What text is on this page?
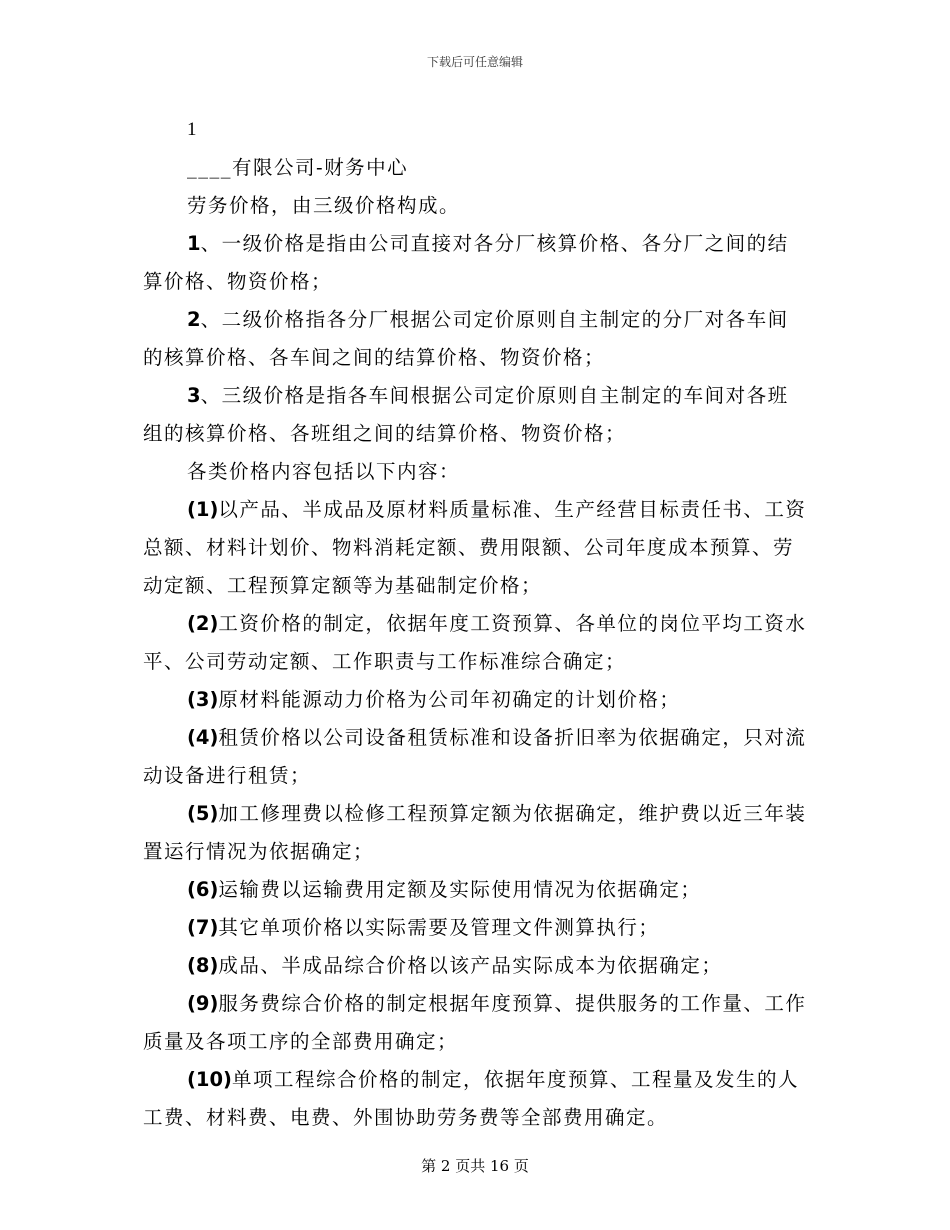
下载后可任意编辑

1

____有限公司-财务中心

劳务价格，由三级价格构成。

1、一级价格是指由公司直接对各分厂核算价格、各分厂之间的结算价格、物资价格；

2、二级价格指各分厂根据公司定价原则自主制定的分厂对各车间的核算价格、各车间之间的结算价格、物资价格；

3、三级价格是指各车间根据公司定价原则自主制定的车间对各班组的核算价格、各班组之间的结算价格、物资价格；

各类价格内容包括以下内容：

(1)以产品、半成品及原材料质量标准、生产经营目标责任书、工资总额、材料计划价、物料消耗定额、费用限额、公司年度成本预算、劳动定额、工程预算定额等为基础制定价格；

(2)工资价格的制定，依据年度工资预算、各单位的岗位平均工资水平、公司劳动定额、工作职责与工作标准综合确定；

(3)原材料能源动力价格为公司年初确定的计划价格；

(4)租赁价格以公司设备租赁标准和设备折旧率为依据确定，只对流动设备进行租赁；

(5)加工修理费以检修工程预算定额为依据确定，维护费以近三年装置运行情况为依据确定；

(6)运输费以运输费用定额及实际使用情况为依据确定；

(7)其它单项价格以实际需要及管理文件测算执行；

(8)成品、半成品综合价格以该产品实际成本为依据确定；

(9)服务费综合价格的制定根据年度预算、提供服务的工作量、工作质量及各项工序的全部费用确定；

(10)单项工程综合价格的制定，依据年度预算、工程量及发生的人工费、材料费、电费、外围协助劳务费等全部费用确定。

第 2 页共 16 页
